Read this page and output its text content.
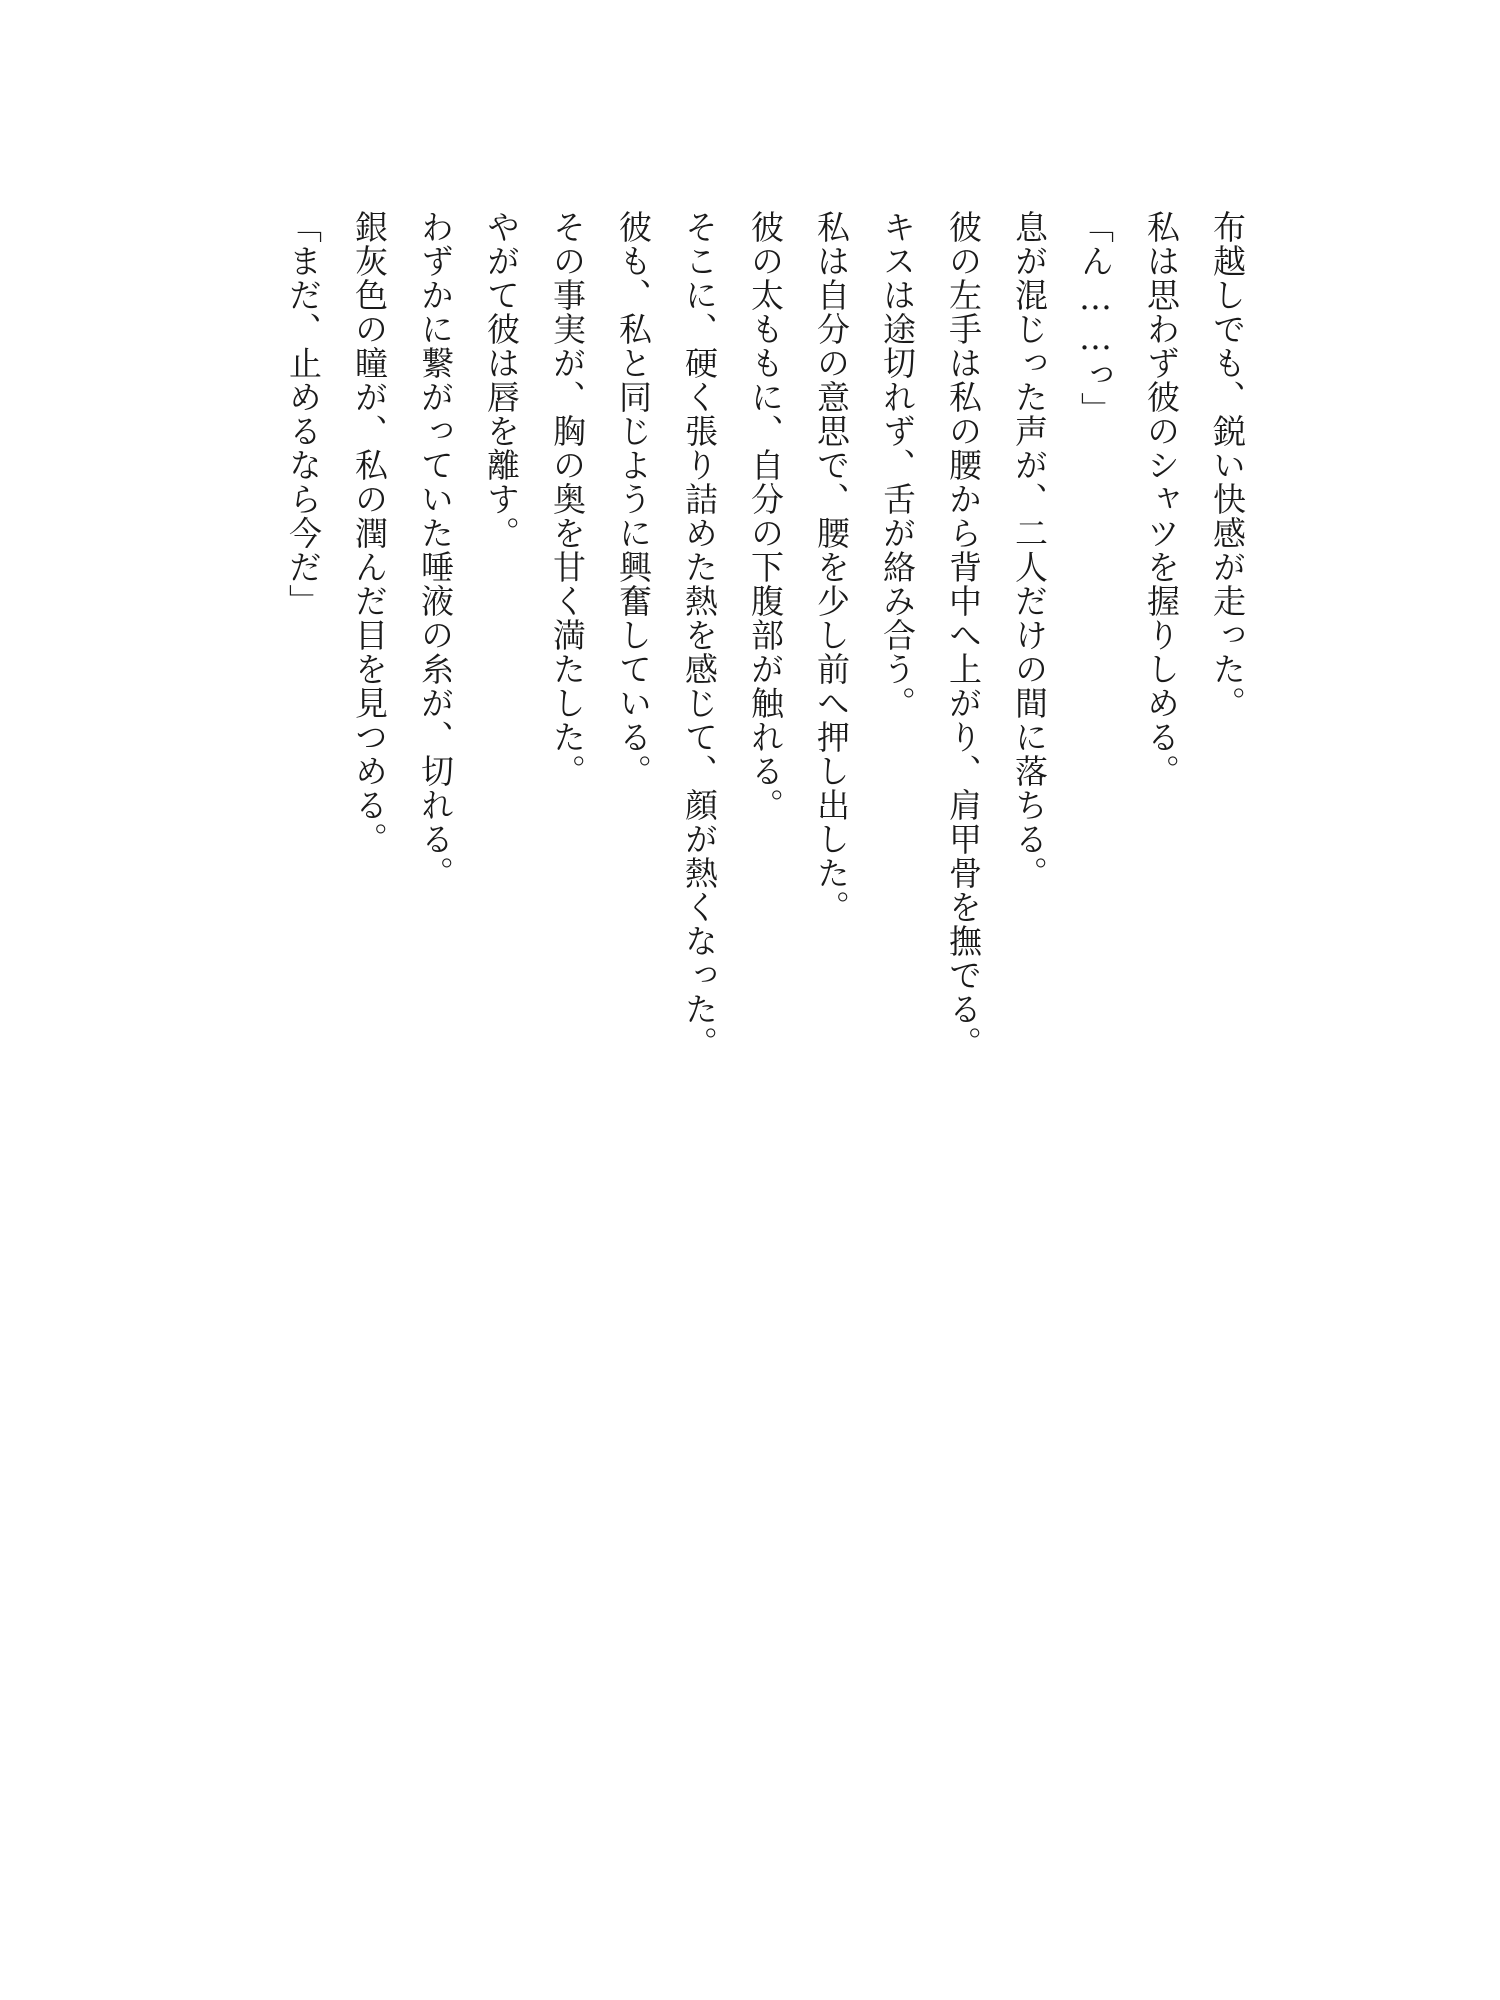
布越しでも、鋭い快感が走った。

私は思わず彼のシャツを握りしめる。

「ん……っ」

息が混じった声が、二人だけの間に落ちる。

彼の左手は私の腰から背中へ上がり、肩甲骨を撫でる。

キスは途切れず、舌が絡み合う。

私は自分の意思で、腰を少し前へ押し出した。

彼の太ももに、自分の下腹部が触れる。

そこに、硬く張り詰めた熱を感じて、顔が熱くなった。

彼も、私と同じように興奮している。

その事実が、胸の奥を甘く満たした。

やがて彼は唇を離す。

わずかに繋がっていた唾液の糸が、切れる。

銀灰色の瞳が、私の潤んだ目を見つめる。

「まだ、止めるなら今だ」
